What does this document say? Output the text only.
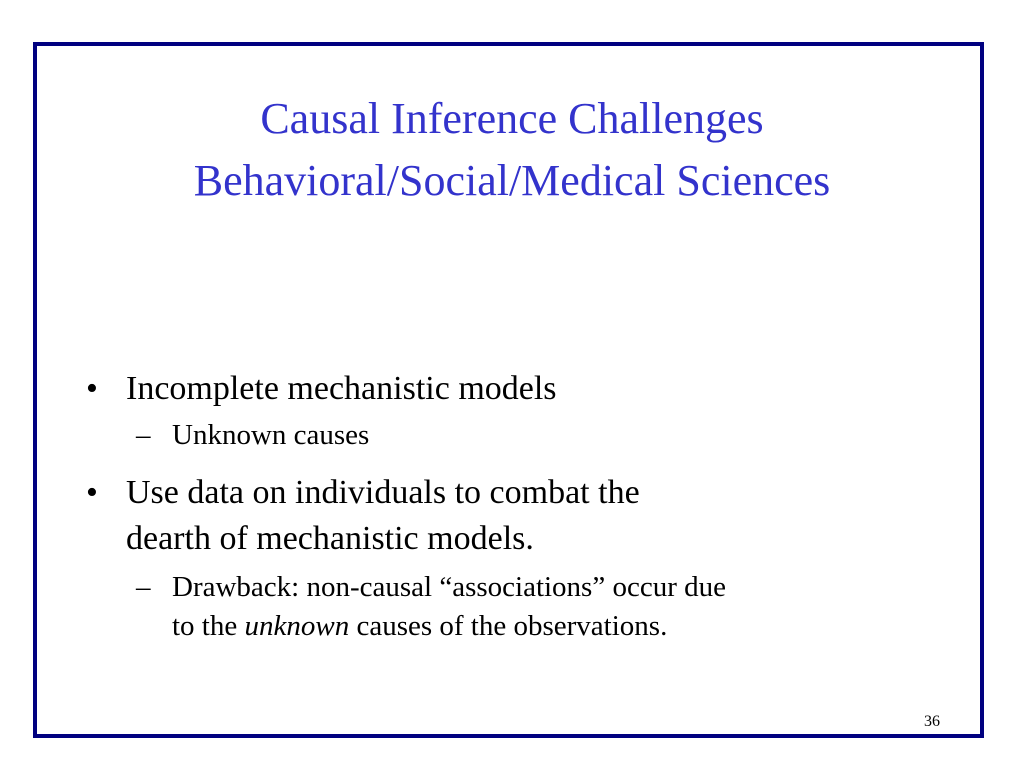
Causal Inference Challenges
Behavioral/Social/Medical Sciences
• Incomplete mechanistic models
– Unknown causes
• Use data on individuals to combat the
dearth of mechanistic models.
– Drawback: non-causal “associations” occur due
to the unknown causes of the observations.
36
